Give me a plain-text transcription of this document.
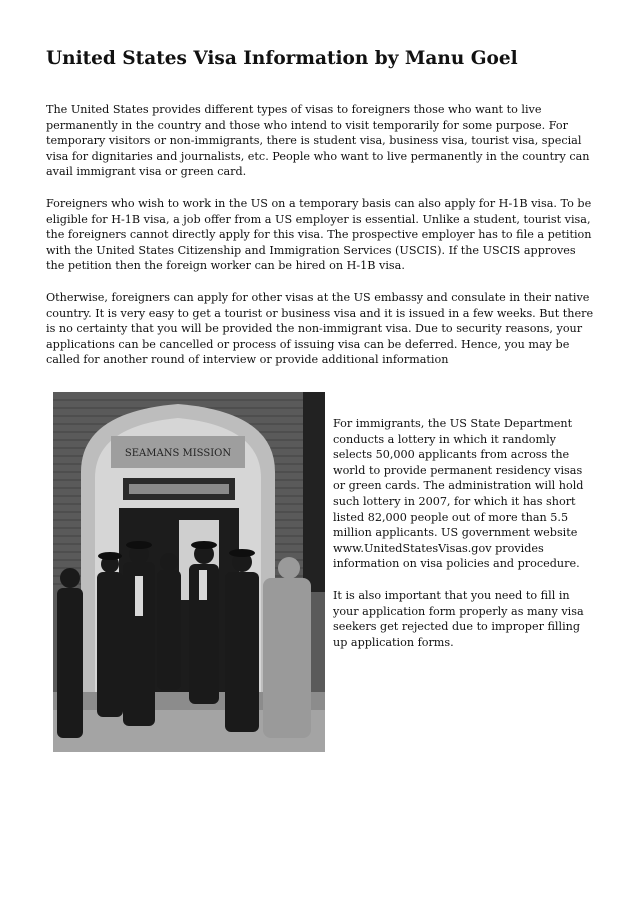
United States Visa Information by Manu Goel

The United States provides different types of visas to foreigners those who want to live permanently in the country and those who intend to visit temporarily for some purpose. For temporary visitors or non-immigrants, there is student visa, business visa, tourist visa, special visa for dignitaries and journalists, etc. People who want to live permanently in the country can avail immigrant visa or green card.

Foreigners who wish to work in the US on a temporary basis can also apply for H-1B visa. To be eligible for H-1B visa, a job offer from a US employer is essential. Unlike a student, tourist visa, the foreigners cannot directly apply for this visa. The prospective employer has to file a petition with the United States Citizenship and Immigration Services (USCIS). If the USCIS approves the petition then the foreign worker can be hired on H-1B visa.

Otherwise, foreigners can apply for other visas at the US embassy and consulate in their native country. It is very easy to get a tourist or business visa and it is issued in a few weeks. But there is no certainty that you will be provided the non-immigrant visa. Due to security reasons, your applications can be cancelled or process of issuing visa can be deferred. Hence, you may be called for another round of interview or provide additional information

SEAMANS MISSION

For immigrants, the US State Department conducts a lottery in which it randomly selects 50,000 applicants from across the world to provide permanent residency visas or green cards. The administration will hold such lottery in 2007, for which it has short listed 82,000 people out of more than 5.5 million applicants. US government website www.UnitedStatesVisas.gov provides information on visa policies and procedure.

It is also important that you need to fill in your application form properly as many visa seekers get rejected due to improper filling up application forms.
